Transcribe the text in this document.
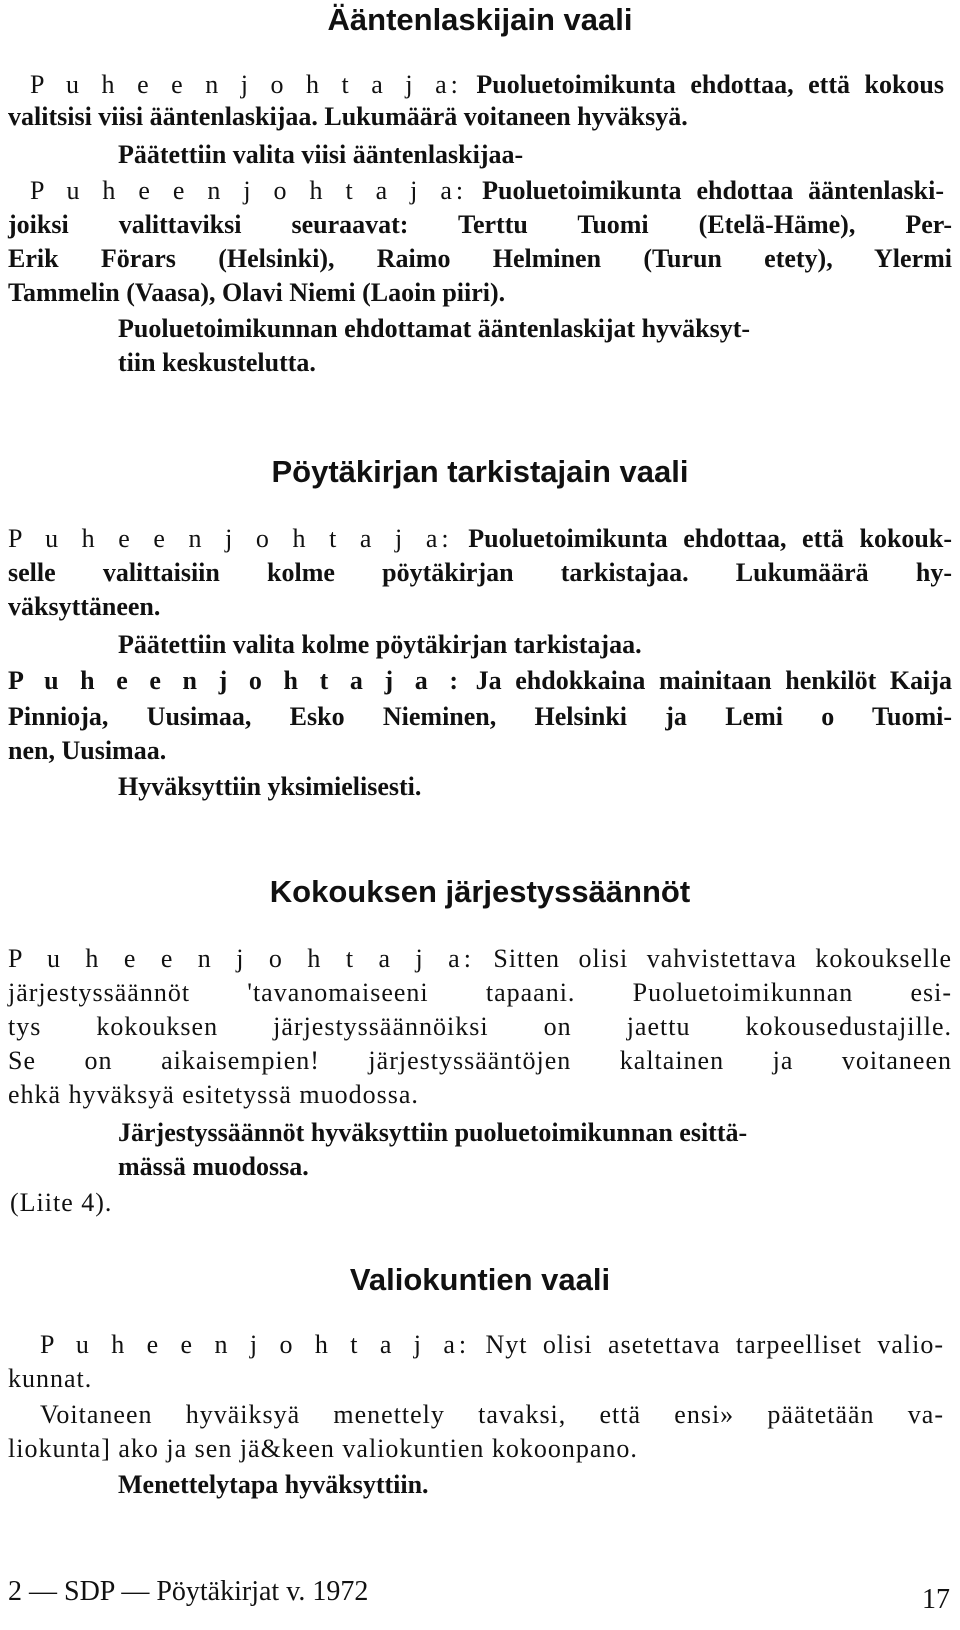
Ääntenlaskijain vaali
P u h e e n j o h t a j a: Puoluetoimikunta ehdottaa, että kokous
valitsisi viisi ääntenlaskijaa. Lukumäärä voitaneen hyväksyä.
Päätettiin valita viisi ääntenlaskijaa-
P u h e e n j o h t a j a: Puoluetoimikunta ehdottaa ääntenlaski-
joiksi valittaviksi seuraavat: Terttu Tuomi (Etelä-Häme), Per-
Erik Förars (Helsinki), Raimo Helminen (Turun etety), Ylermi
Tammelin (Vaasa), Olavi Niemi (Laoin piiri).
Puoluetoimikunnan ehdottamat ääntenlaskijat hyväksyt-
tiin keskustelutta.
Pöytäkirjan tarkistajain vaali
P u h e e n j o h t a j a: Puoluetoimikunta ehdottaa, että kokouk-
selle valittaisiin kolme pöytäkirjan tarkistajaa. Lukumäärä hy-
väksyttäneen.
Päätettiin valita kolme pöytäkirjan tarkistajaa.
P u h e e n j o h t a j a : Ja ehdokkaina mainitaan henkilöt Kaija
Pinnioja, Uusimaa, Esko Nieminen, Helsinki ja Lemi o Tuomi-
nen, Uusimaa.
Hyväksyttiin yksimielisesti.
Kokouksen järjestyssäännöt
P u h e e n j o h t a j a: Sitten olisi vahvistettava kokoukselle
järjestyssäännöt 'tavanomaiseeni tapaani. Puoluetoimikunnan esi-
tys kokouksen järjestyssäännöiksi on jaettu kokousedustajille.
Se on aikaisempien! järjestyssääntöjen kaltainen ja voitaneen
ehkä hyväksyä esitetyssä muodossa.
Järjestyssäännöt hyväksyttiin puoluetoimikunnan esittä-
mässä muodossa.
(Liite 4).
Valiokuntien vaali
P u h e e n j o h t a j a: Nyt olisi asetettava tarpeelliset valio-
kunnat.
Voitaneen hyväiksyä menettely tavaksi, että ensi» päätetään va-
liokunta] ako ja sen jä&keen valiokuntien kokoonpano.
Menettelytapa hyväksyttiin.
2 — SDP — Pöytäkirjat v. 1972	17
